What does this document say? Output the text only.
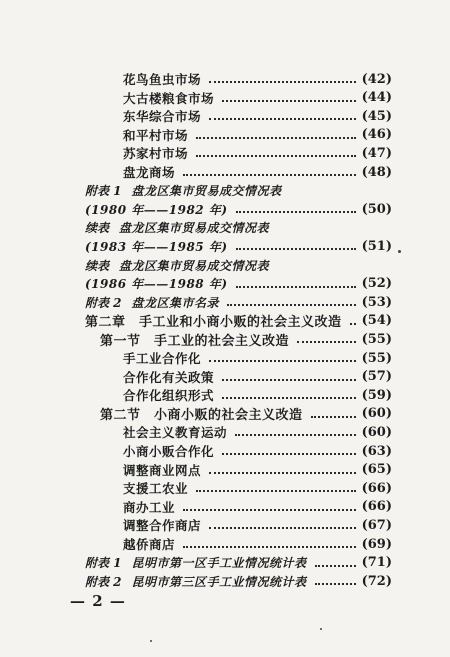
花鸟鱼虫市场	(42)
大古楼粮食市场	(44)
东华综合市场	(45)
和平村市场	(46)
苏家村市场	(47)
盘龙商场	(48)
附表 1 盘龙区集市贸易成交情况表
(1980 年——1982 年)	(50)
续表 盘龙区集市贸易成交情况表
(1983 年——1985 年)	(51)
续表 盘龙区集市贸易成交情况表
(1986 年——1988 年)	(52)
附表 2 盘龙区集市名录	(53)
第二章　手工业和小商小贩的社会主义改造 (54)
第一节　手工业的社会主义改造	(55)
手工业合作化	(55)
合作化有关政策	(57)
合作化组织形式	(59)
第二节　小商小贩的社会主义改造	(60)
社会主义教育运动	(60)
小商小贩合作化	(63)
调整商业网点	(65)
支援工农业	(66)
商办工业	(66)
调整合作商店	(67)
越侨商店	(69)
附表 1 昆明市第一区手工业情况统计表	(71)
附表 2 昆明市第三区手工业情况统计表	(72)
— 2 —
